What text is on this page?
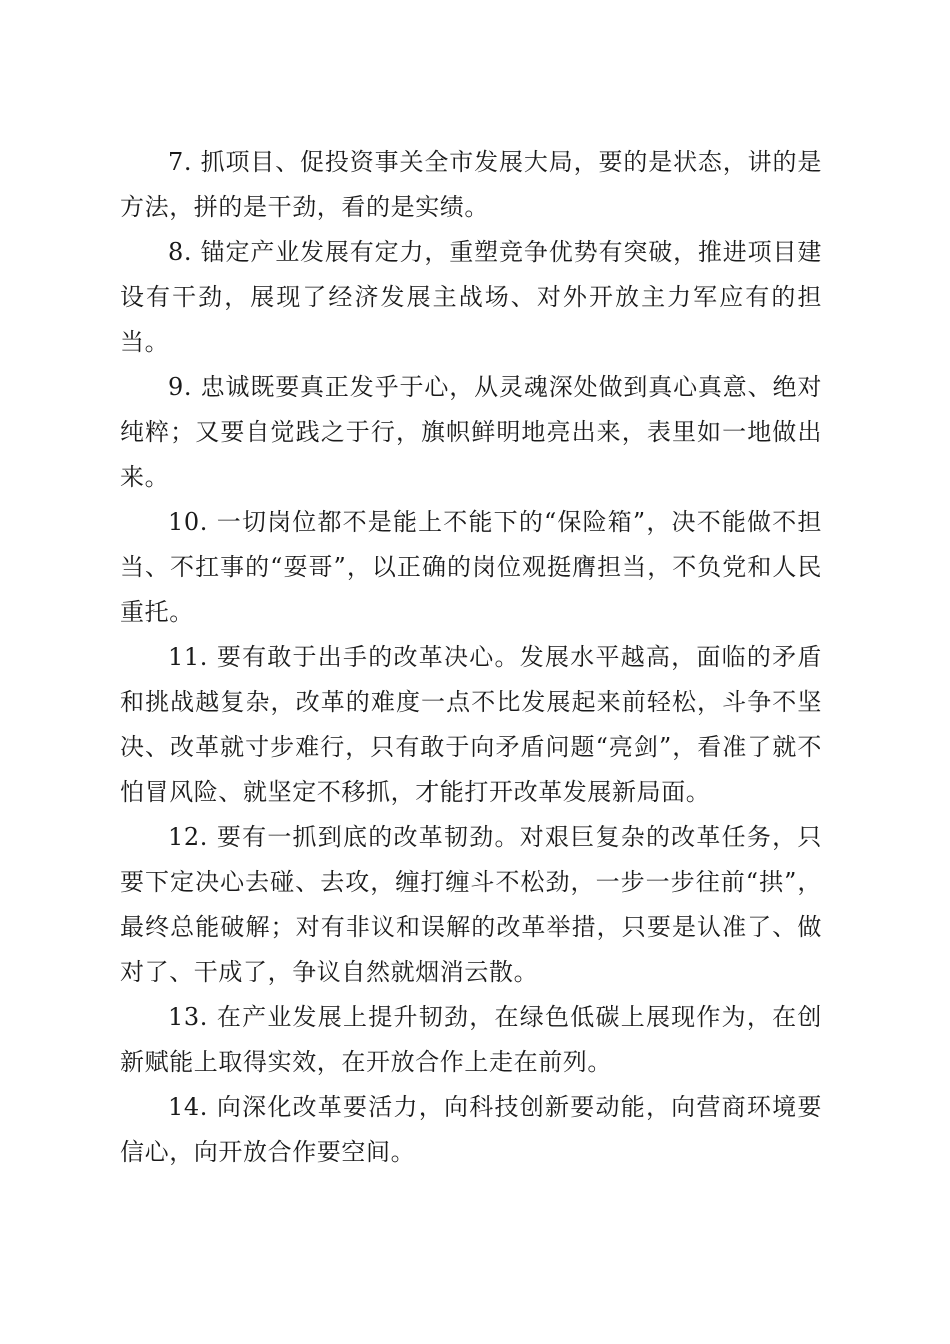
7. 抓项目、促投资事关全市发展大局，要的是状态，讲的是方法，拼的是干劲，看的是实绩。

8. 锚定产业发展有定力，重塑竞争优势有突破，推进项目建设有干劲，展现了经济发展主战场、对外开放主力军应有的担当。

9. 忠诚既要真正发乎于心，从灵魂深处做到真心真意、绝对纯粹；又要自觉践之于行，旗帜鲜明地亮出来，表里如一地做出来。

10. 一切岗位都不是能上不能下的“保险箱”，决不能做不担当、不扛事的“耍哥”，以正确的岗位观挺膺担当，不负党和人民重托。

11. 要有敢于出手的改革决心。发展水平越高，面临的矛盾和挑战越复杂，改革的难度一点不比发展起来前轻松，斗争不坚决、改革就寸步难行，只有敢于向矛盾问题“亮剑”，看准了就不怕冒风险、就坚定不移抓，才能打开改革发展新局面。

12. 要有一抓到底的改革韧劲。对艰巨复杂的改革任务，只要下定决心去碰、去攻，缠打缠斗不松劲，一步一步往前“拱”，最终总能破解；对有非议和误解的改革举措，只要是认准了、做对了、干成了，争议自然就烟消云散。

13. 在产业发展上提升韧劲，在绿色低碳上展现作为，在创新赋能上取得实效，在开放合作上走在前列。

14. 向深化改革要活力，向科技创新要动能，向营商环境要信心，向开放合作要空间。
